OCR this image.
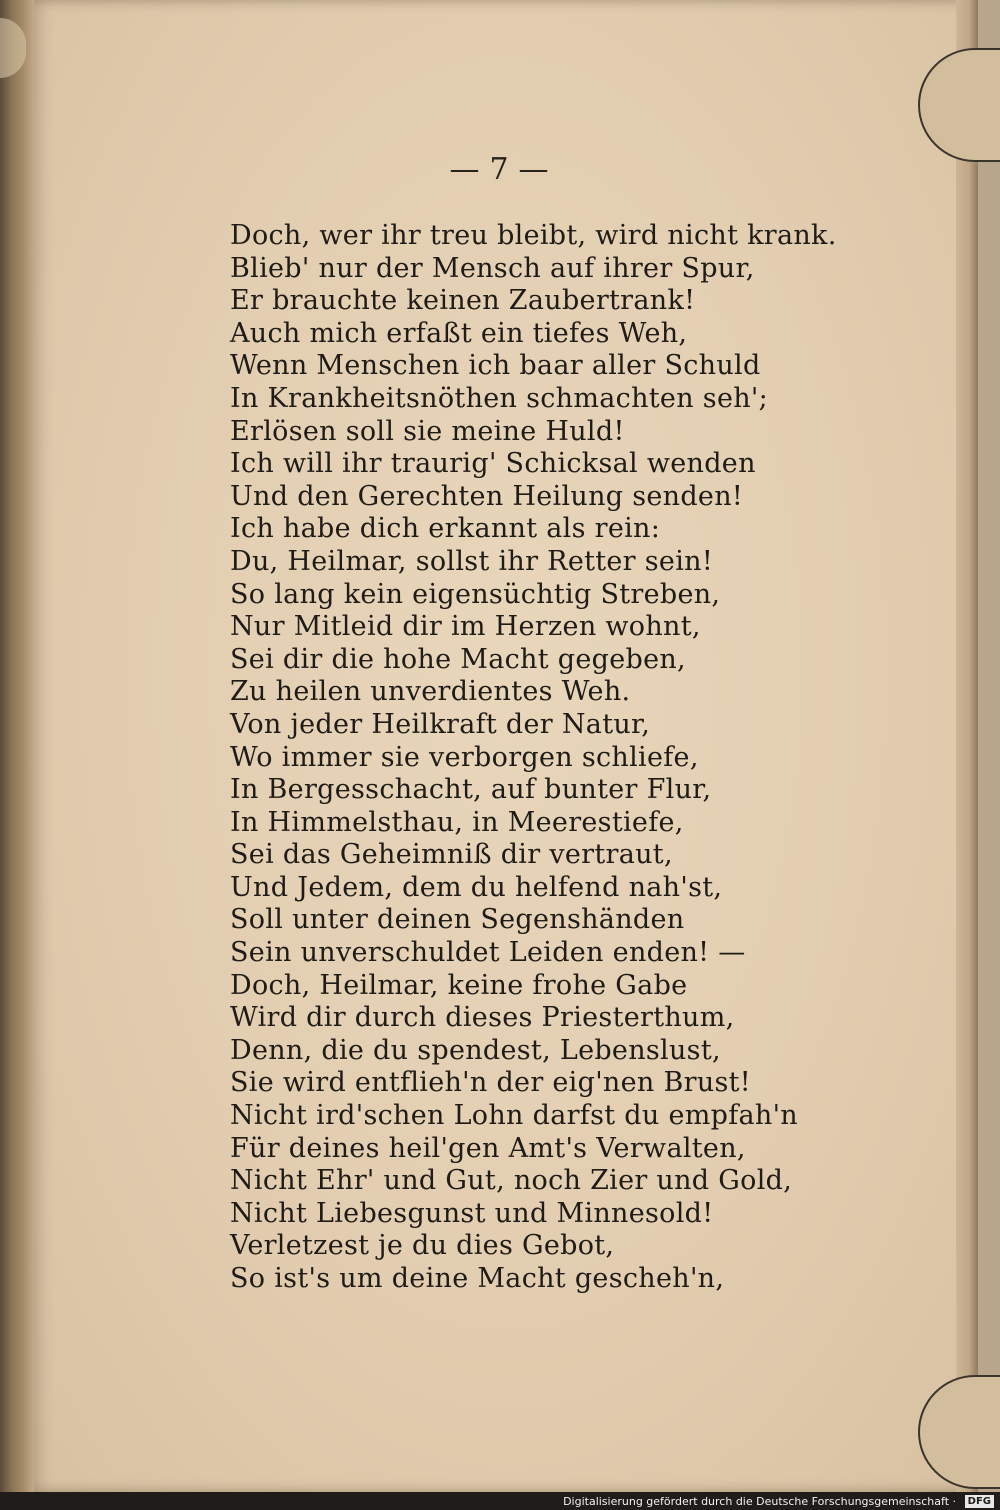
— 7 —
Doch, wer ihr treu bleibt, wird nicht krank.
Blieb' nur der Mensch auf ihrer Spur,
Er brauchte keinen Zaubertrank!
Auch mich erfaßt ein tiefes Weh,
Wenn Menschen ich baar aller Schuld
In Krankheitsnöthen schmachten seh';
Erlösen soll sie meine Huld!
Ich will ihr traurig' Schicksal wenden
Und den Gerechten Heilung senden!
Ich habe dich erkannt als rein:
Du, Heilmar, sollst ihr Retter sein!
So lang kein eigensüchtig Streben,
Nur Mitleid dir im Herzen wohnt,
Sei dir die hohe Macht gegeben,
Zu heilen unverdientes Weh.
Von jeder Heilkraft der Natur,
Wo immer sie verborgen schliefe,
In Bergesschacht, auf bunter Flur,
In Himmelsthau, in Meerestiefe,
Sei das Geheimniß dir vertraut,
Und Jedem, dem du helfend nah'st,
Soll unter deinen Segenshänden
Sein unverschuldet Leiden enden! —
Doch, Heilmar, keine frohe Gabe
Wird dir durch dieses Priesterthum,
Denn, die du spendest, Lebenslust,
Sie wird entflieh'n der eig'nen Brust!
Nicht ird'schen Lohn darfst du empfah'n
Für deines heil'gen Amt's Verwalten,
Nicht Ehr' und Gut, noch Zier und Gold,
Nicht Liebesgunst und Minnesold!
Verletzest je du dies Gebot,
So ist's um deine Macht gescheh'n,
Digitalisierung gefördert durch die Deutsche Forschungsgemeinschaft ·	DFG
